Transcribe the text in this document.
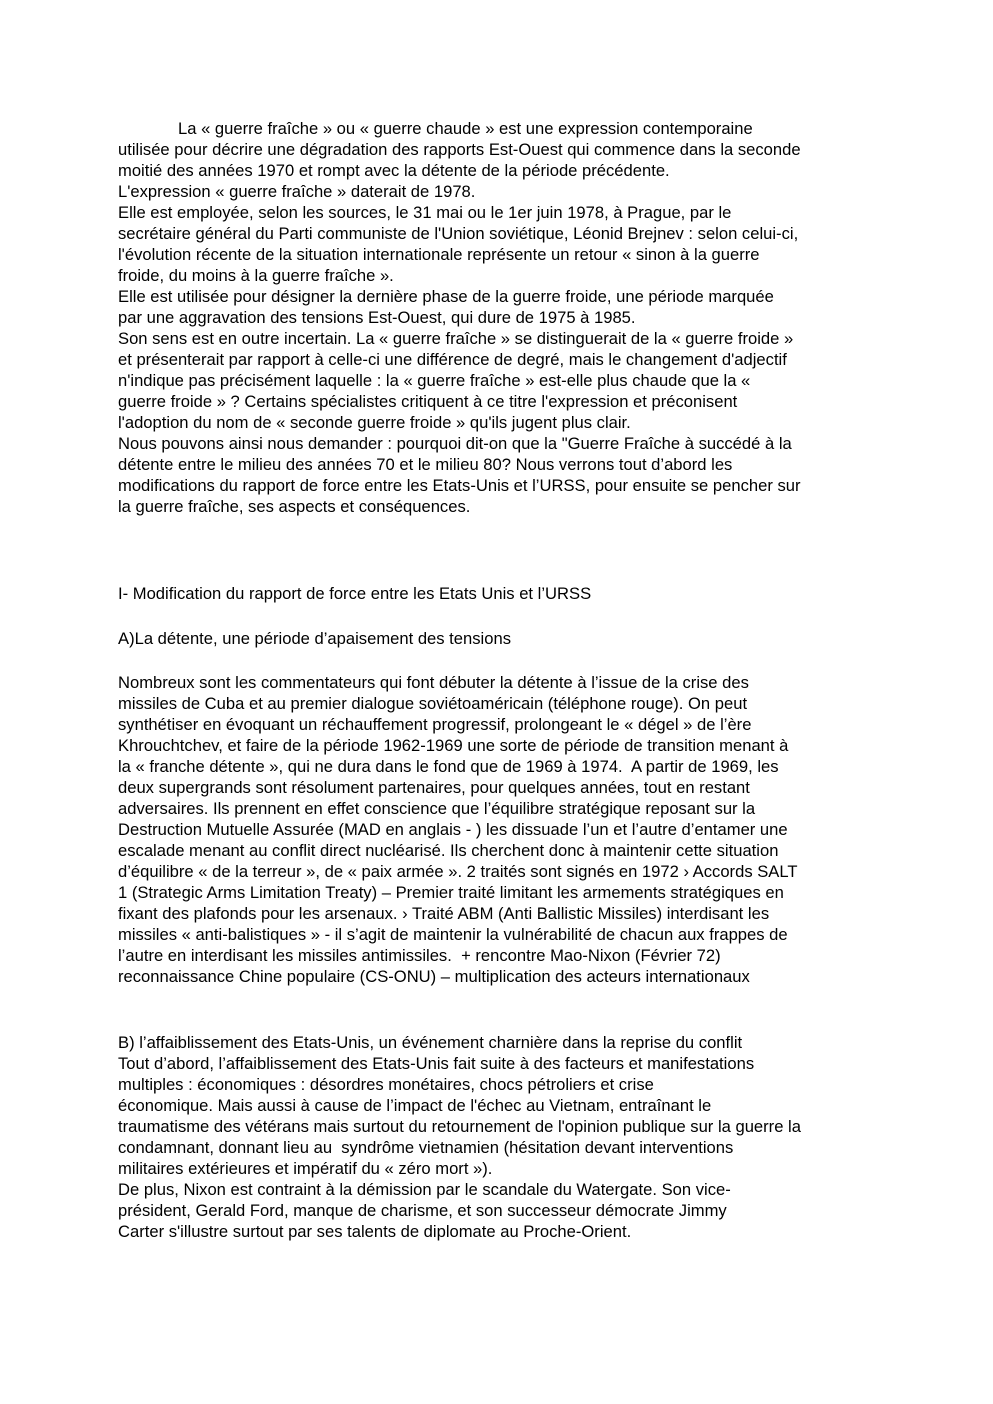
La « guerre fraîche » ou « guerre chaude » est une expression contemporaine
utilisée pour décrire une dégradation des rapports Est-Ouest qui commence dans la seconde
moitié des années 1970 et rompt avec la détente de la période précédente.
L'expression « guerre fraîche » daterait de 1978.
Elle est employée, selon les sources, le 31 mai ou le 1er juin 1978, à Prague, par le
secrétaire général du Parti communiste de l'Union soviétique, Léonid Brejnev : selon celui-ci,
l'évolution récente de la situation internationale représente un retour « sinon à la guerre
froide, du moins à la guerre fraîche ».
Elle est utilisée pour désigner la dernière phase de la guerre froide, une période marquée
par une aggravation des tensions Est-Ouest, qui dure de 1975 à 1985.
Son sens est en outre incertain. La « guerre fraîche » se distinguerait de la « guerre froide »
et présenterait par rapport à celle-ci une différence de degré, mais le changement d'adjectif
n'indique pas précisément laquelle : la « guerre fraîche » est-elle plus chaude que la «
guerre froide » ? Certains spécialistes critiquent à ce titre l'expression et préconisent
l'adoption du nom de « seconde guerre froide » qu'ils jugent plus clair.
Nous pouvons ainsi nous demander : pourquoi dit-on que la "Guerre Fraîche à succédé à la
détente entre le milieu des années 70 et le milieu 80? Nous verrons tout d’abord les
modifications du rapport de force entre les Etats-Unis et l’URSS, pour ensuite se pencher sur
la guerre fraîche, ses aspects et conséquences.
I- Modification du rapport de force entre les Etats Unis et l’URSS
A)La détente, une période d’apaisement des tensions
Nombreux sont les commentateurs qui font débuter la détente à l’issue de la crise des
missiles de Cuba et au premier dialogue soviétoaméricain (téléphone rouge). On peut
synthétiser en évoquant un réchauffement progressif, prolongeant le « dégel » de l’ère
Khrouchtchev, et faire de la période 1962-1969 une sorte de période de transition menant à
la « franche détente », qui ne dura dans le fond que de 1969 à 1974.  A partir de 1969, les
deux supergrands sont résolument partenaires, pour quelques années, tout en restant
adversaires. Ils prennent en effet conscience que l’équilibre stratégique reposant sur la
Destruction Mutuelle Assurée (MAD en anglais - ) les dissuade l’un et l’autre d’entamer une
escalade menant au conflit direct nucléarisé. Ils cherchent donc à maintenir cette situation
d’équilibre « de la terreur », de « paix armée ». 2 traités sont signés en 1972 › Accords SALT
1 (Strategic Arms Limitation Treaty) – Premier traité limitant les armements stratégiques en
fixant des plafonds pour les arsenaux. › Traité ABM (Anti Ballistic Missiles) interdisant les
missiles « anti-balistiques » - il s’agit de maintenir la vulnérabilité de chacun aux frappes de
l’autre en interdisant les missiles antimissiles.  + rencontre Mao-Nixon (Février 72)
reconnaissance Chine populaire (CS-ONU) – multiplication des acteurs internationaux
B) l’affaiblissement des Etats-Unis, un événement charnière dans la reprise du conflit
Tout d’abord, l’affaiblissement des Etats-Unis fait suite à des facteurs et manifestations
multiples : économiques : désordres monétaires, chocs pétroliers et crise
économique. Mais aussi à cause de l’impact de l'échec au Vietnam, entraînant le
traumatisme des vétérans mais surtout du retournement de l'opinion publique sur la guerre la
condamnant, donnant lieu au  syndrôme vietnamien (hésitation devant interventions
militaires extérieures et impératif du « zéro mort »).
De plus, Nixon est contraint à la démission par le scandale du Watergate. Son vice-
président, Gerald Ford, manque de charisme, et son successeur démocrate Jimmy
Carter s'illustre surtout par ses talents de diplomate au Proche-Orient.
